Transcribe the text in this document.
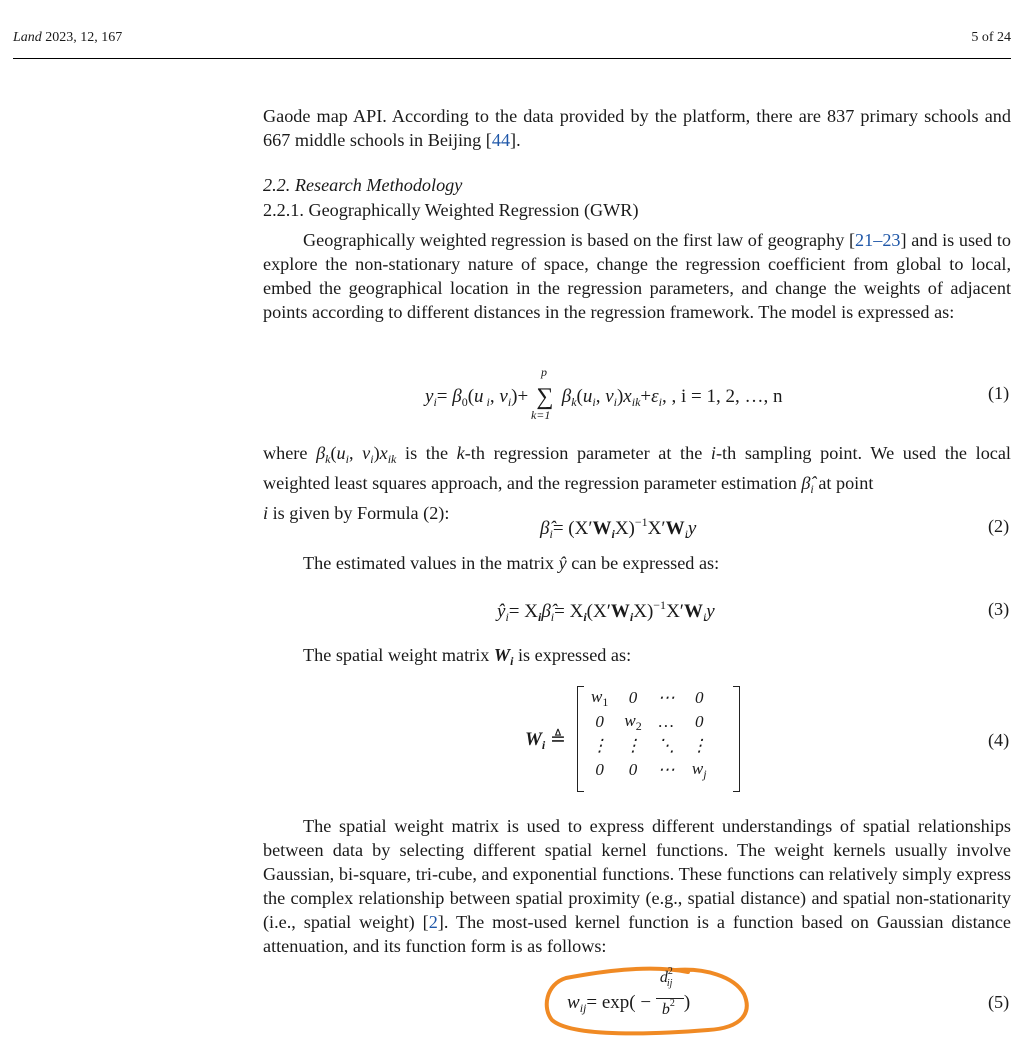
Land 2023, 12, 167	5 of 24
Gaode map API. According to the data provided by the platform, there are 837 primary schools and 667 middle schools in Beijing [44].
2.2. Research Methodology
2.2.1. Geographically Weighted Regression (GWR)
Geographically weighted regression is based on the first law of geography [21–23] and is used to explore the non-stationary nature of space, change the regression coefficient from global to local, embed the geographical location in the regression parameters, and change the weights of adjacent points according to different distances in the regression framework. The model is expressed as:
$y_i= \beta_0(u$ $_i$, $v_i)+$
p
∑
k=1
$\beta_k(u_i$, $v_i)x_{ik}+\varepsilon_i$, , i = 1, 2, …, n	(1)
where $\beta_k(u_i$, $v_i)x_{ik}$ is the k-th regression parameter at the i-th sampling point. We used the local weighted least squares approach, and the regression parameter estimation $\betâ_i$ at point
i is given by Formula (2):
$\betâ_i= (X'W_iX)^{-1}X'W_iy$	(2)
The estimated values in the matrix ŷ can be expressed as:
$ŷ_i=$ $X_i\betâ_i= X_i(X'W_iX)^{-1}X'W_iy$	(3)
The spatial weight matrix $W_i$ is expressed as:
$W_i$ ≜
$w_1$	0	⋯	0
0	$w_2$	…	0
⋮	⋮	⋱	⋮
0	0	⋯	$w_j$
(4)
The spatial weight matrix is used to express different understandings of spatial relationships between data by selecting different spatial kernel functions. The weight kernels usually involve Gaussian, bi-square, tri-cube, and exponential functions. These functions can relatively simply express the complex relationship between spatial proximity (e.g., spatial distance) and spatial non-stationarity (i.e., spatial weight) [2]. The most-used kernel function is a function based on Gaussian distance attenuation, and its function form is as follows:
$w_{ij}= \exp( - \frac{d^2_{ij}}{b^2}$ )	(5)
